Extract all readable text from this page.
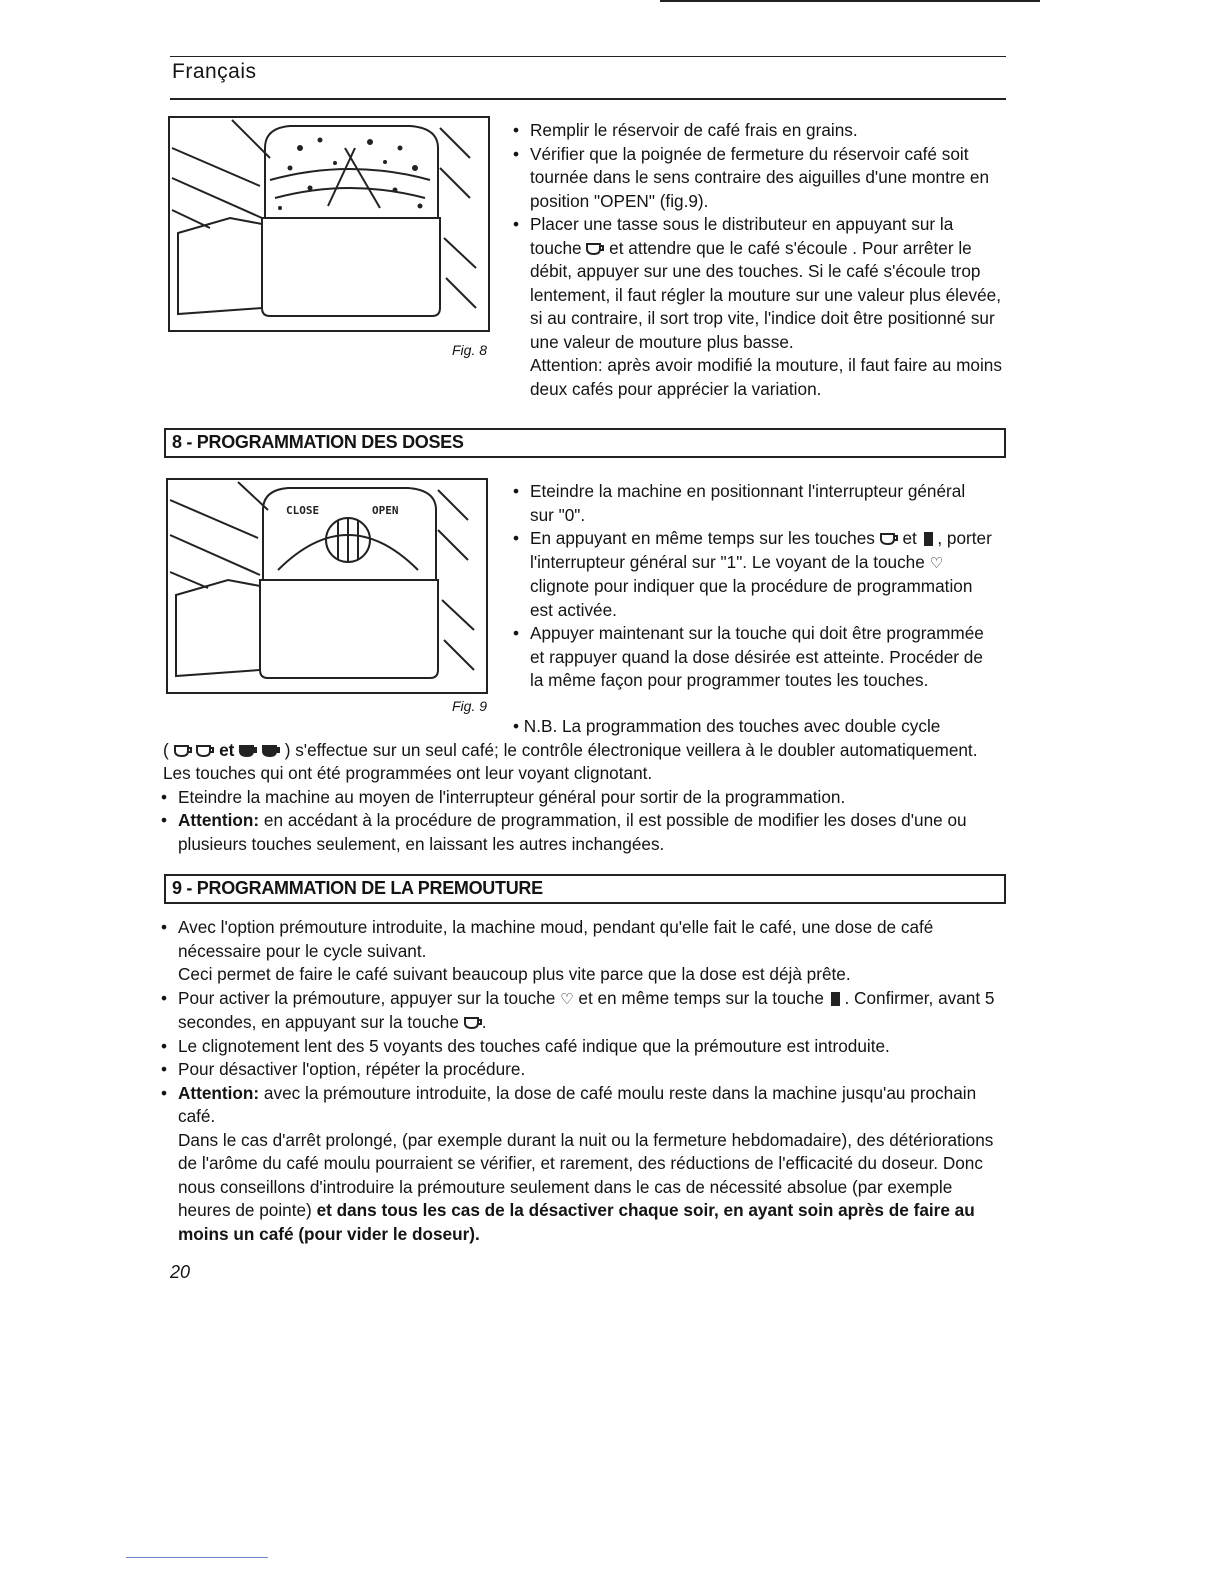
Français
Fig. 8
• Remplir le réservoir de café frais en grains.
• Vérifier que la poignée de fermeture du réservoir café soit tournée dans le sens contraire des aiguilles d'une montre en position "OPEN" (fig.9).
• Placer une tasse sous le distributeur en appuyant sur la touche et attendre que le café s'écoule . Pour arrêter le débit, appuyer sur une des touches. Si le café s'écoule trop lentement, il faut régler la mouture sur une valeur plus élevée, si au contraire, il sort trop vite, l'indice doit être positionné sur une valeur de mouture plus basse.
Attention: après avoir modifié la mouture, il faut faire au moins deux cafés pour apprécier la variation.
8 - PROGRAMMATION DES DOSES
CLOSE	OPEN
Fig. 9
• Eteindre la machine en positionnant l'interrupteur général sur "0".
• En appuyant en même temps sur les touches et , porter l'interrupteur général sur "1". Le voyant de la touche ♡ clignote pour indiquer que la procédure de programmation est activée.
• Appuyer maintenant sur la touche qui doit être programmée et rappuyer quand la dose désirée est atteinte. Procéder de la même façon pour programmer toutes les touches.
• N.B. La programmation des touches avec double cycle
(	et	) s'effectue sur un seul café; le contrôle électronique veillera à le doubler automatiquement. Les touches qui ont été programmées ont leur voyant clignotant.
• Eteindre la machine au moyen de l'interrupteur général pour sortir de la programmation.
• Attention: en accédant à la procédure de programmation, il est possible de modifier les doses d'une ou plusieurs touches seulement, en laissant les autres inchangées.
9 - PROGRAMMATION DE LA PREMOUTURE
• Avec l'option prémouture introduite, la machine moud, pendant qu'elle fait le café, une dose de café nécessaire pour le cycle suivant.
Ceci permet de faire le café suivant beaucoup plus vite parce que la dose est déjà prête.
• Pour activer la prémouture, appuyer sur la touche ♡ et en même temps sur la touche . Confirmer, avant 5 secondes, en appuyant sur la touche .
• Le clignotement lent des 5 voyants des touches café indique que la prémouture est introduite.
• Pour désactiver l'option, répéter la procédure.
• Attention: avec la prémouture introduite, la dose de café moulu reste dans la machine jusqu'au prochain café.
Dans le cas d'arrêt prolongé, (par exemple durant la nuit ou la fermeture hebdomadaire), des détériorations de l'arôme du café moulu pourraient se vérifier, et rarement, des réductions de l'efficacité du doseur. Donc nous conseillons d'introduire la prémouture seulement dans le cas de nécessité absolue (par exemple heures de pointe) et dans tous les cas de la désactiver chaque soir, en ayant soin après de faire au moins un café (pour vider le doseur).
20
